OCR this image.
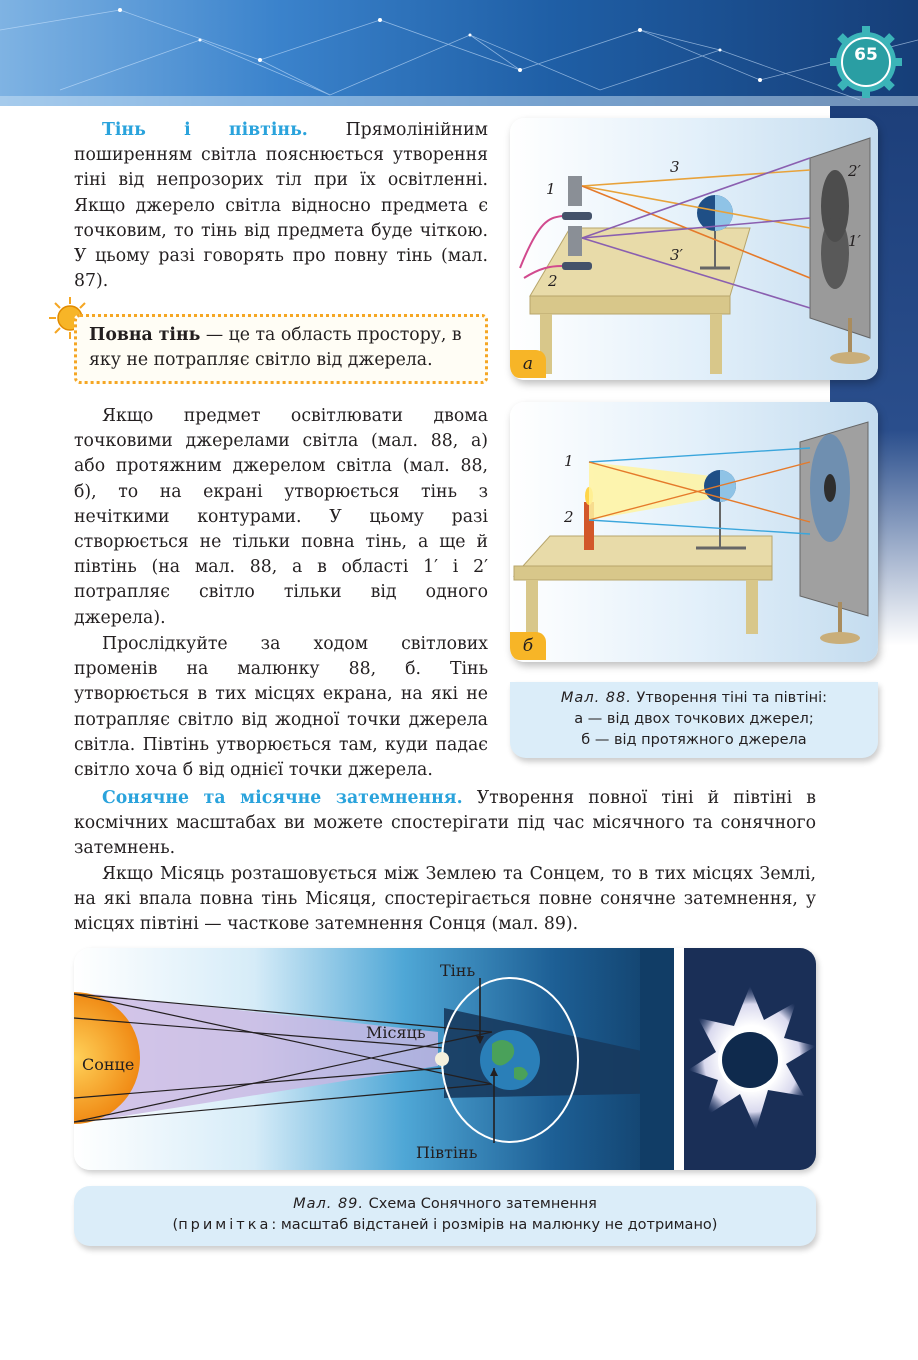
65

Тінь і півтінь. Прямолінійним поширенням світла пояснюється утворення тіні від непрозорих тіл при їх освітленні. Якщо джерело світла відносно предмета є точковим, то тінь від предмета буде чіткою. У цьому разі говорять про повну тінь (мал. 87).

Повна тінь — це та область простору, в яку не потрапляє світло від джерела.

Якщо предмет освітлювати двома точковими джерелами світла (мал. 88, а) або протяжним джерелом світла (мал. 88, б), то на екрані утворюється тінь з нечіткими контурами. У цьому разі створюється не тільки повна тінь, а ще й півтінь (на мал. 88, а в області 1′ і 2′ потрапляє світло тільки від одного джерела).

Прослідкуйте за ходом світлових променів на малюнку 88, б. Тінь утворюється в тих місцях екрана, на які не потрапляє світло від жодної точки джерела світла. Півтінь утворюється там, куди падає світло хоча б від однієї точки джерела.

Сонячне та місячне затемнення. Утворення повної тіні й півтіні в космічних масштабах ви можете спостерігати під час місячного та сонячного затемнень.

Якщо Місяць розташовується між Землею та Сонцем, то в тих місцях Землі, на які впала повна тінь Місяця, спостерігається повне сонячне затемнення, у місцях півтіні — часткове затемнення Сонця (мал. 89).

1
2
3
3′
1′
2′
а
1
2
б
Мал. 88. Утворення тіні та півтіні:
а — від двох точкових джерел;
б — від протяжного джерела
Сонце
Місяць
Тінь
Півтінь
Мал. 89. Схема Сонячного затемнення
(примітка: масштаб відстаней і розмірів на малюнку не дотримано)
